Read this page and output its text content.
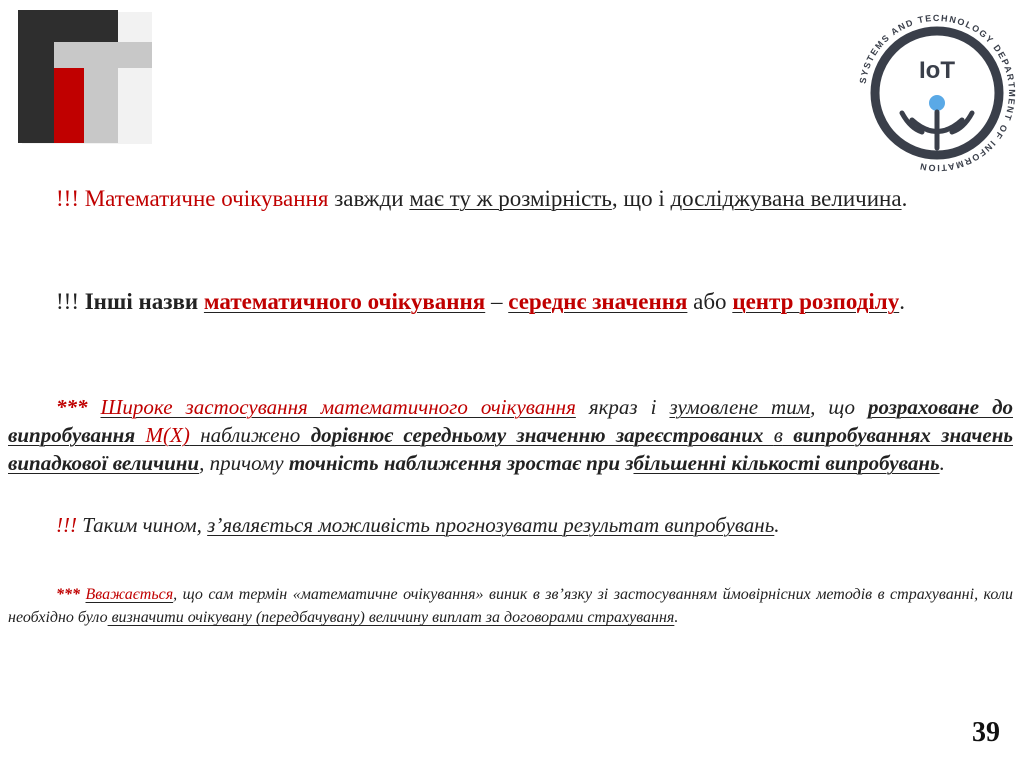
SYSTEMS AND TECHNOLOGY DEPARTMENT OF INFORMATION
IoT

!!! Математичне очікування завжди має ту ж розмірність, що і досліджувана величина.

!!! Інші назви математичного очікування – середнє значення або центр розподілу.

*** Широке застосування математичного очікування якраз і зумовлене тим, що розраховане до випробування M(X) наближено дорівнює середньому значенню зареєстрованих в випробуваннях значень випадкової величини, причому точність наближення зростає при збільшенні кількості випробувань.

!!! Таким чином, з’являється можливість прогнозувати результат випробувань.

*** Вважається, що сам термін «математичне очікування» виник в зв’язку зі застосуванням ймовірнісних методів в страхуванні, коли необхідно було визначити очікувану (передбачувану) величину виплат за договорами страхування.

39
